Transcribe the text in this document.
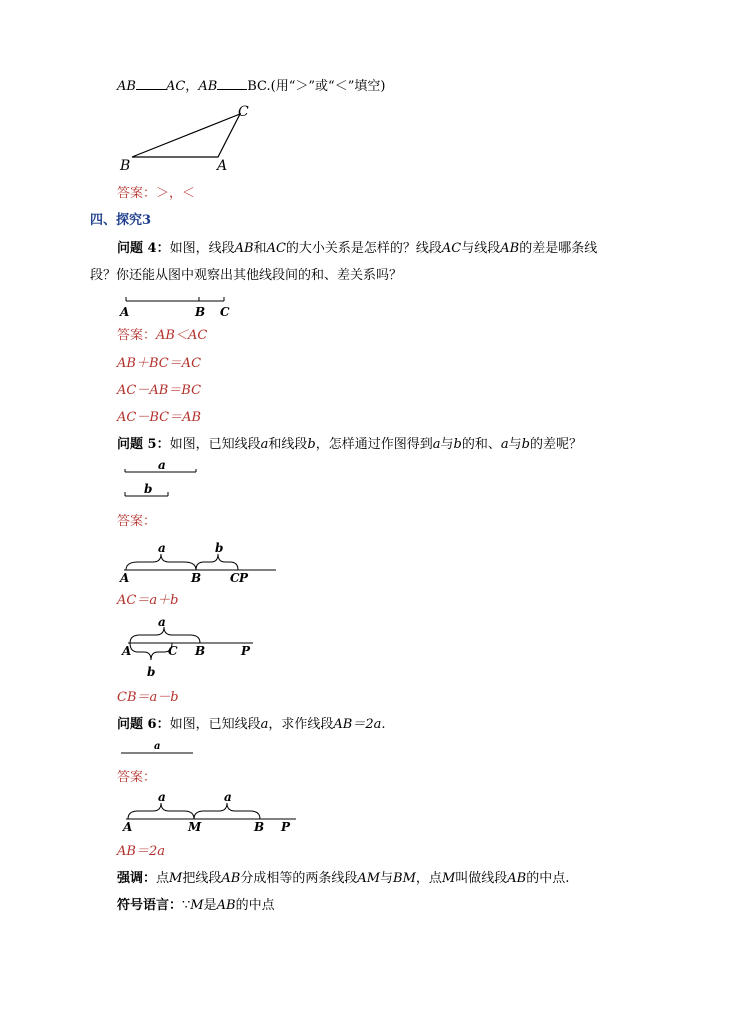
AB AC，AB BC.(用“＞”或“＜”填空)
B	A
C
答案：＞，＜
四、探究3
问题 4：如图，线段AB和AC的大小关系是怎样的？线段AC与线段AB的差是哪条线
段？你还能从图中观察出其他线段间的和、差关系吗？
A	B C
答案：AB＜AC
AB＋BC＝AC
AC－AB＝BC
AC－BC＝AB
问题 5：如图，已知线段a和线段b，怎样通过作图得到a与b的和、a与b的差呢？
a
b
答案：
a	b
A	B C P
AC＝a＋b
a
b
A	C B	P
CB＝a－b
问题 6：如图，已知线段a，求作线段AB＝2a.
a
答案：
a	a
A	M	B P
AB＝2a
强调：点M把线段AB分成相等的两条线段AM与BM，点M叫做线段AB的中点.
符号语言：∵M是AB的中点
